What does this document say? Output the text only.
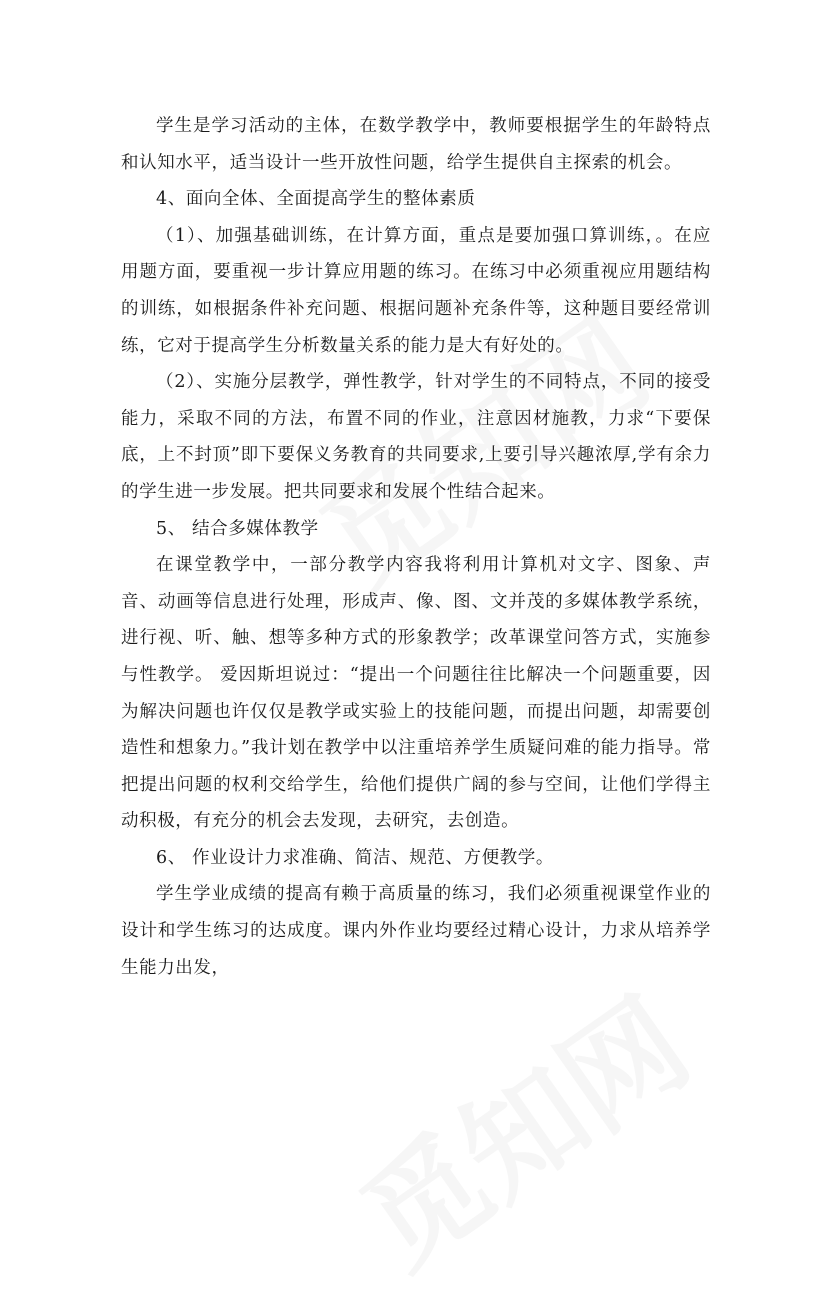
学生是学习活动的主体，在数学教学中，教师要根据学生的年龄特点和认知水平，适当设计一些开放性问题，给学生提供自主探索的机会。

4、面向全体、全面提高学生的整体素质

（1）、加强基础训练，在计算方面，重点是要加强口算训练，。在应用题方面，要重视一步计算应用题的练习。在练习中必须重视应用题结构的训练，如根据条件补充问题、根据问题补充条件等，这种题目要经常训练，它对于提高学生分析数量关系的能力是大有好处的。

（2）、实施分层教学，弹性教学，针对学生的不同特点，不同的接受能力，采取不同的方法，布置不同的作业，注意因材施教，力求“下要保底，上不封顶”即下要保义务教育的共同要求,上要引导兴趣浓厚,学有余力的学生进一步发展。把共同要求和发展个性结合起来。

5、 结合多媒体教学

在课堂教学中，一部分教学内容我将利用计算机对文字、图象、声音、动画等信息进行处理，形成声、像、图、文并茂的多媒体教学系统，进行视、听、触、想等多种方式的形象教学；改革课堂问答方式，实施参与性教学。 爱因斯坦说过：“提出一个问题往往比解决一个问题重要，因为解决问题也许仅仅是教学或实验上的技能问题，而提出问题，却需要创造性和想象力。”我计划在教学中以注重培养学生质疑问难的能力指导。常把提出问题的权利交给学生，给他们提供广阔的参与空间，让他们学得主动积极，有充分的机会去发现，去研究，去创造。

6、 作业设计力求准确、简洁、规范、方便教学。

学生学业成绩的提高有赖于高质量的练习，我们必须重视课堂作业的设计和学生练习的达成度。课内外作业均要经过精心设计，力求从培养学生能力出发，
